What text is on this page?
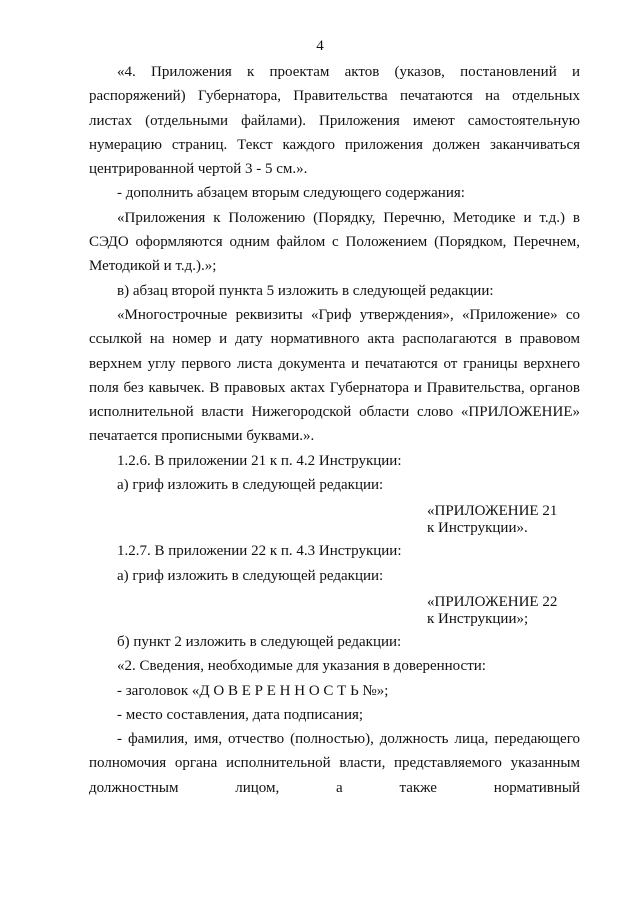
4

«4. Приложения к проектам актов (указов, постановлений и распоряжений) Губернатора, Правительства печатаются на отдельных листах (отдельными файлами). Приложения имеют самостоятельную нумерацию страниц. Текст каждого приложения должен заканчиваться центрированной чертой 3 - 5 см.».

- дополнить абзацем вторым следующего содержания:

«Приложения к Положению (Порядку, Перечню, Методике и т.д.) в СЭДО оформляются одним файлом с Положением (Порядком, Перечнем, Методикой и т.д.).»;

в) абзац второй пункта 5 изложить в следующей редакции:

«Многострочные реквизиты «Гриф утверждения», «Приложение» со ссылкой на номер и дату нормативного акта располагаются в правовом верхнем углу первого листа документа и печатаются от границы верхнего поля без кавычек. В правовых актах Губернатора и Правительства, органов исполнительной власти Нижегородской области слово «ПРИЛОЖЕНИЕ» печатается прописными буквами.».

1.2.6. В приложении 21 к п. 4.2 Инструкции:

а) гриф изложить в следующей редакции:

«ПРИЛОЖЕНИЕ 21
к Инструкции».

1.2.7. В приложении 22 к п. 4.3 Инструкции:

а) гриф изложить в следующей редакции:

«ПРИЛОЖЕНИЕ 22
к Инструкции»;

б) пункт 2 изложить в следующей редакции:

«2. Сведения, необходимые для указания в доверенности:

- заголовок «Д О В Е Р Е Н Н О С Т Ь №»;

- место составления, дата подписания;

- фамилия, имя, отчество (полностью), должность лица, передающего полномочия органа исполнительной власти, представляемого указанным должностным лицом, а также нормативный
